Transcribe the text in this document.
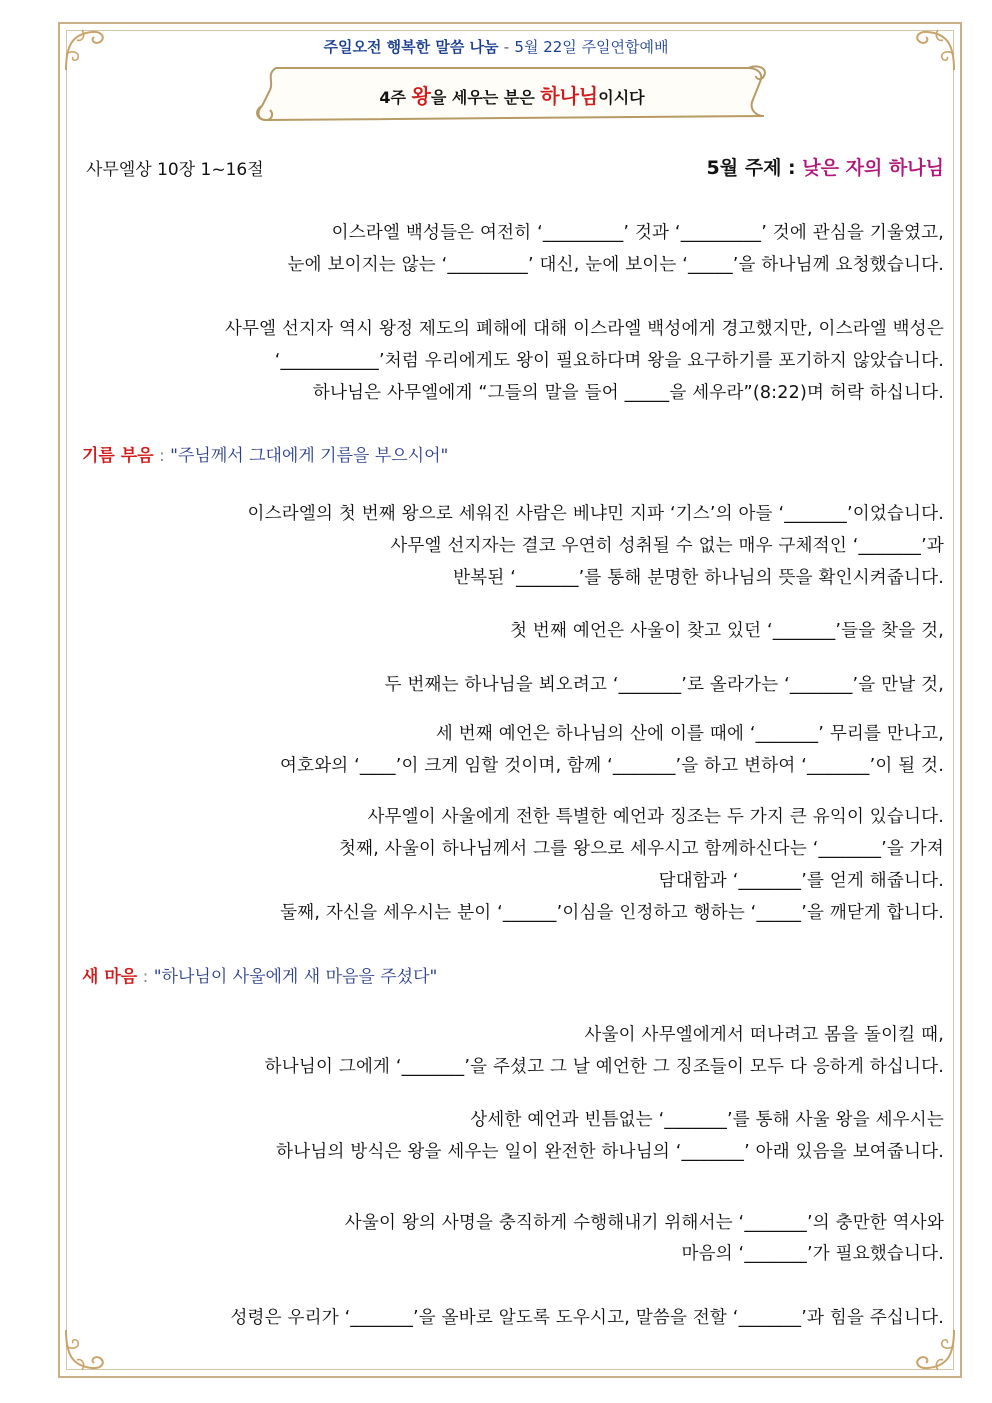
주일오전 행복한 말씀 나눔 - 5월 22일 주일연합예배
4주 왕을 세우는 분은 하나님이시다
사무엘상 10장 1~16절	5월 주제 : 낮은 자의 하나님
이스라엘 백성들은 여전히 ‘_________’ 것과 ‘_________’ 것에 관심을 기울였고,
눈에 보이지는 않는 ‘_________’ 대신, 눈에 보이는 ‘_____’을 하나님께 요청했습니다.
사무엘 선지자 역시 왕정 제도의 폐해에 대해 이스라엘 백성에게 경고했지만, 이스라엘 백성은
‘___________’처럼 우리에게도 왕이 필요하다며 왕을 요구하기를 포기하지 않았습니다.
하나님은 사무엘에게 “그들의 말을 들어 _____을 세우라”(8:22)며 허락 하십니다.
기름 부음 : "주님께서 그대에게 기름을 부으시어"
이스라엘의 첫 번째 왕으로 세워진 사람은 베냐민 지파 ‘기스’의 아들 ‘_______’이었습니다.
사무엘 선지자는 결코 우연히 성취될 수 없는 매우 구체적인 ‘_______’과
반복된 ‘_______’를 통해 분명한 하나님의 뜻을 확인시켜줍니다.
첫 번째 예언은 사울이 찾고 있던 ‘_______’들을 찾을 것,
두 번째는 하나님을 뵈오려고 ‘_______’로 올라가는 ‘_______’을 만날 것,
세 번째 예언은 하나님의 산에 이를 때에 ‘_______’ 무리를 만나고,
여호와의 ‘____’이 크게 임할 것이며, 함께 ‘_______’을 하고 변하여 ‘_______’이 될 것.
사무엘이 사울에게 전한 특별한 예언과 징조는 두 가지 큰 유익이 있습니다.
첫째, 사울이 하나님께서 그를 왕으로 세우시고 함께하신다는 ‘_______’을 가져
담대함과 ‘_______’를 얻게 해줍니다.
둘째, 자신을 세우시는 분이 ‘______’이심을 인정하고 행하는 ‘_____’을 깨닫게 합니다.
새 마음 : "하나님이 사울에게 새 마음을 주셨다"
사울이 사무엘에게서 떠나려고 몸을 돌이킬 때,
하나님이 그에게 ‘_______’을 주셨고 그 날 예언한 그 징조들이 모두 다 응하게 하십니다.
상세한 예언과 빈틈없는 ‘_______’를 통해 사울 왕을 세우시는
하나님의 방식은 왕을 세우는 일이 완전한 하나님의 ‘_______’ 아래 있음을 보여줍니다.
사울이 왕의 사명을 충직하게 수행해내기 위해서는 ‘_______’의 충만한 역사와
마음의 ‘_______’가 필요했습니다.
성령은 우리가 ‘_______’을 올바로 알도록 도우시고, 말씀을 전할 ‘_______’과 힘을 주십니다.
